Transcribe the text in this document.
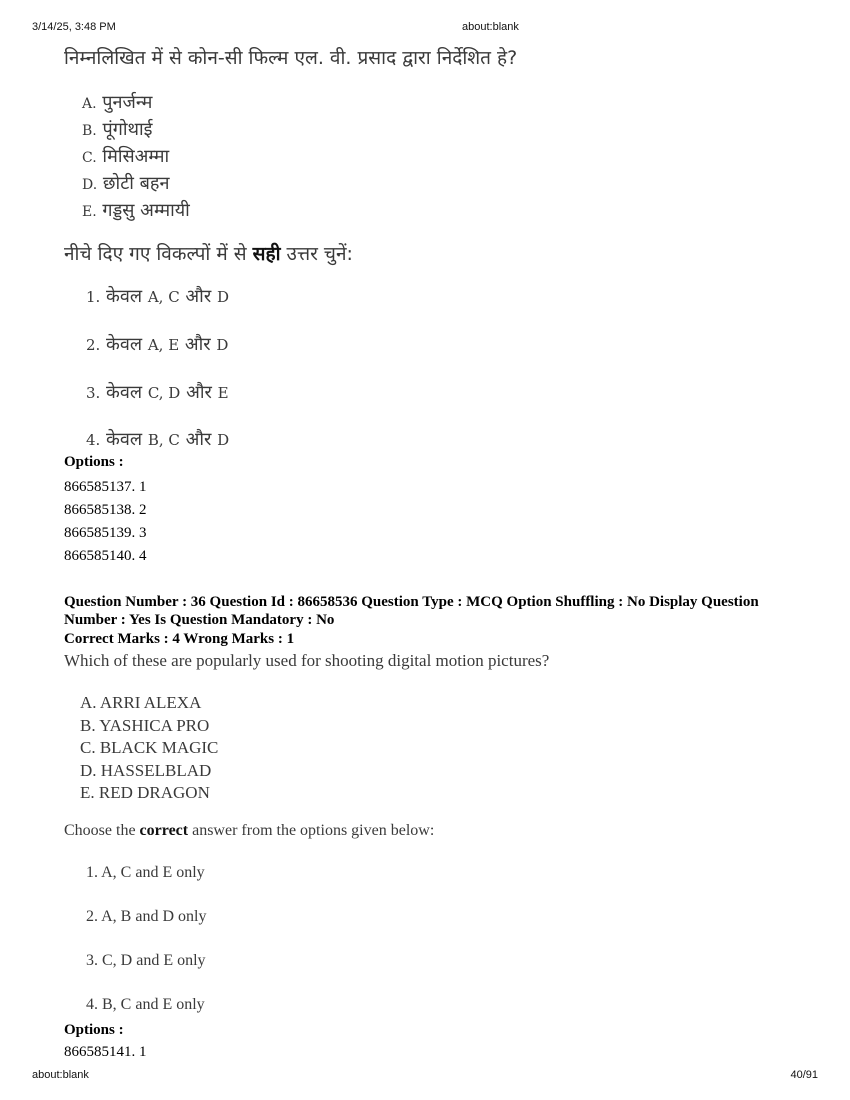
3/14/25, 3:48 PM	about:blank
निम्नलिखित में से कोन-सी फिल्म एल. वी. प्रसाद द्वारा निर्देशित हे?
A. पुनर्जन्म
B. पूंगोथाई
C. मिसिअम्मा
D. छोटी बहन
E. गड्डसु अम्मायी
नीचे दिए गए विकल्पों में से सही उत्तर चुनें:
1. केवल A, C और D
2. केवल A, E और D
3. केवल C, D और E
4. केवल B, C और D
Options :
866585137. 1
866585138. 2
866585139. 3
866585140. 4
Question Number : 36 Question Id : 86658536 Question Type : MCQ Option Shuffling : No Display Question Number : Yes Is Question Mandatory : No
Correct Marks : 4 Wrong Marks : 1
Which of these are popularly used for shooting digital motion pictures?
A. ARRI ALEXA
B. YASHICA PRO
C. BLACK MAGIC
D. HASSELBLAD
E. RED DRAGON
Choose the correct answer from the options given below:
1. A, C and E only
2. A, B and D only
3. C, D and E only
4. B, C and E only
Options :
866585141. 1
about:blank	40/91
